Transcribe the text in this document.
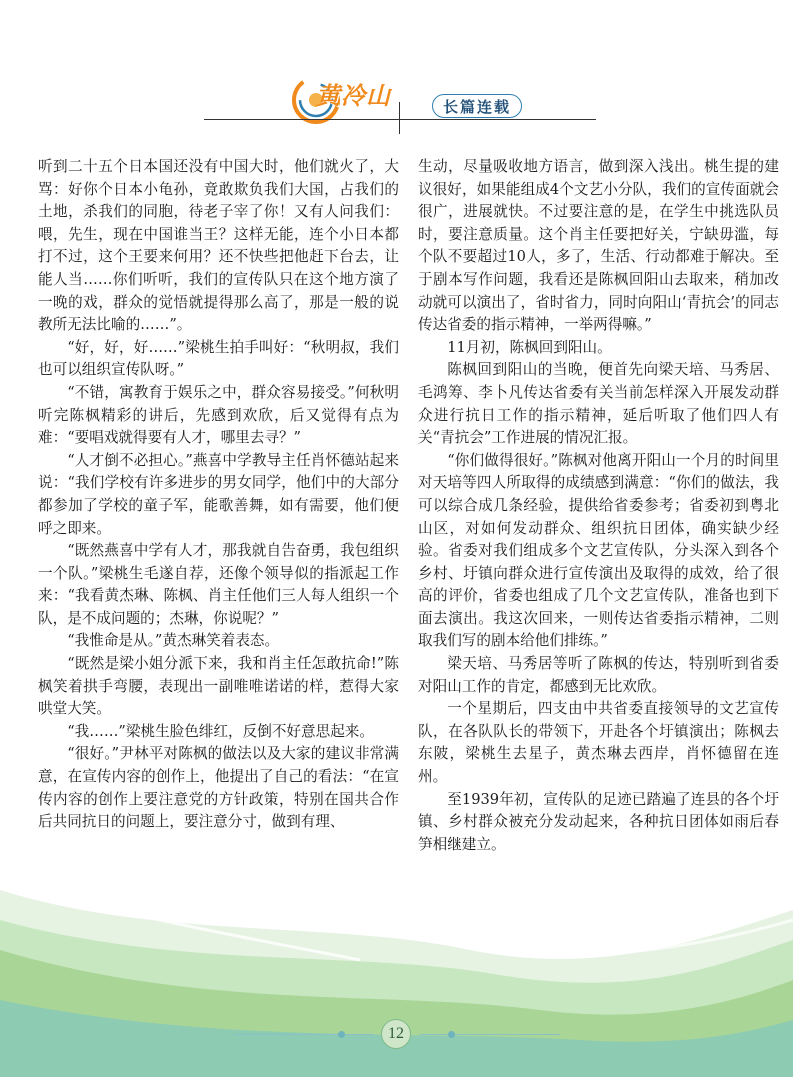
黄冷山	长篇连载

听到二十五个日本国还没有中国大时，他们就火了，大骂：好你个日本小龟孙，竟敢欺负我们大国，占我们的土地，杀我们的同胞，待老子宰了你！又有人问我们：喂，先生，现在中国谁当王？这样无能，连个小日本都打不过，这个王要来何用？还不快些把他赶下台去，让能人当……你们听听，我们的宣传队只在这个地方演了一晚的戏，群众的觉悟就提得那么高了，那是一般的说教所无法比喻的……”。

“好，好，好……”梁桃生拍手叫好：“秋明叔，我们也可以组织宣传队呀。”

“不错，寓教育于娱乐之中，群众容易接受。”何秋明听完陈枫精彩的讲后，先感到欢欣，后又觉得有点为难：“要唱戏就得要有人才，哪里去寻？”

“人才倒不必担心。”燕喜中学教导主任肖怀德站起来说：“我们学校有许多进步的男女同学，他们中的大部分都参加了学校的童子军，能歌善舞，如有需要，他们便呼之即来。

“既然燕喜中学有人才，那我就自告奋勇，我包组织一个队。”梁桃生毛遂自荐，还像个领导似的指派起工作来：“我看黄杰琳、陈枫、肖主任他们三人每人组织一个队，是不成问题的；杰琳，你说呢？”

“我惟命是从。”黄杰琳笑着表态。

“既然是梁小姐分派下来，我和肖主任怎敢抗命!”陈枫笑着拱手弯腰，表现出一副唯唯诺诺的样，惹得大家哄堂大笑。

“我……”梁桃生脸色绯红，反倒不好意思起来。

“很好。”尹林平对陈枫的做法以及大家的建议非常满意，在宣传内容的创作上，他提出了自己的看法：“在宣传内容的创作上要注意党的方针政策，特别在国共合作后共同抗日的问题上，要注意分寸，做到有理、

生动，尽量吸收地方语言，做到深入浅出。桃生提的建议很好，如果能组成4个文艺小分队，我们的宣传面就会很广，进展就快。不过要注意的是，在学生中挑选队员时，要注意质量。这个肖主任要把好关，宁缺毋滥，每个队不要超过10人，多了，生活、行动都难于解决。至于剧本写作问题，我看还是陈枫回阳山去取来，稍加改动就可以演出了，省时省力，同时向阳山‘青抗会’的同志传达省委的指示精神，一举两得嘛。”

11月初，陈枫回到阳山。

陈枫回到阳山的当晚，便首先向梁天培、马秀居、毛鸿筹、李卜凡传达省委有关当前怎样深入开展发动群众进行抗日工作的指示精神，延后听取了他们四人有关“青抗会”工作进展的情况汇报。

“你们做得很好。”陈枫对他离开阳山一个月的时间里对天培等四人所取得的成绩感到满意：“你们的做法，我可以综合成几条经验，提供给省委参考；省委初到粤北山区，对如何发动群众、组织抗日团体，确实缺少经验。省委对我们组成多个文艺宣传队，分头深入到各个乡村、圩镇向群众进行宣传演出及取得的成效，给了很高的评价，省委也组成了几个文艺宣传队，准备也到下面去演出。我这次回来，一则传达省委指示精神，二则取我们写的剧本给他们排练。”

梁天培、马秀居等听了陈枫的传达，特别听到省委对阳山工作的肯定，都感到无比欢欣。

一个星期后，四支由中共省委直接领导的文艺宣传队，在各队队长的带领下，开赴各个圩镇演出；陈枫去东陂，梁桃生去星子，黄杰琳去西岸，肖怀德留在连州。

至1939年初，宣传队的足迹已踏遍了连县的各个圩镇、乡村群众被充分发动起来，各种抗日团体如雨后春笋相继建立。

12
